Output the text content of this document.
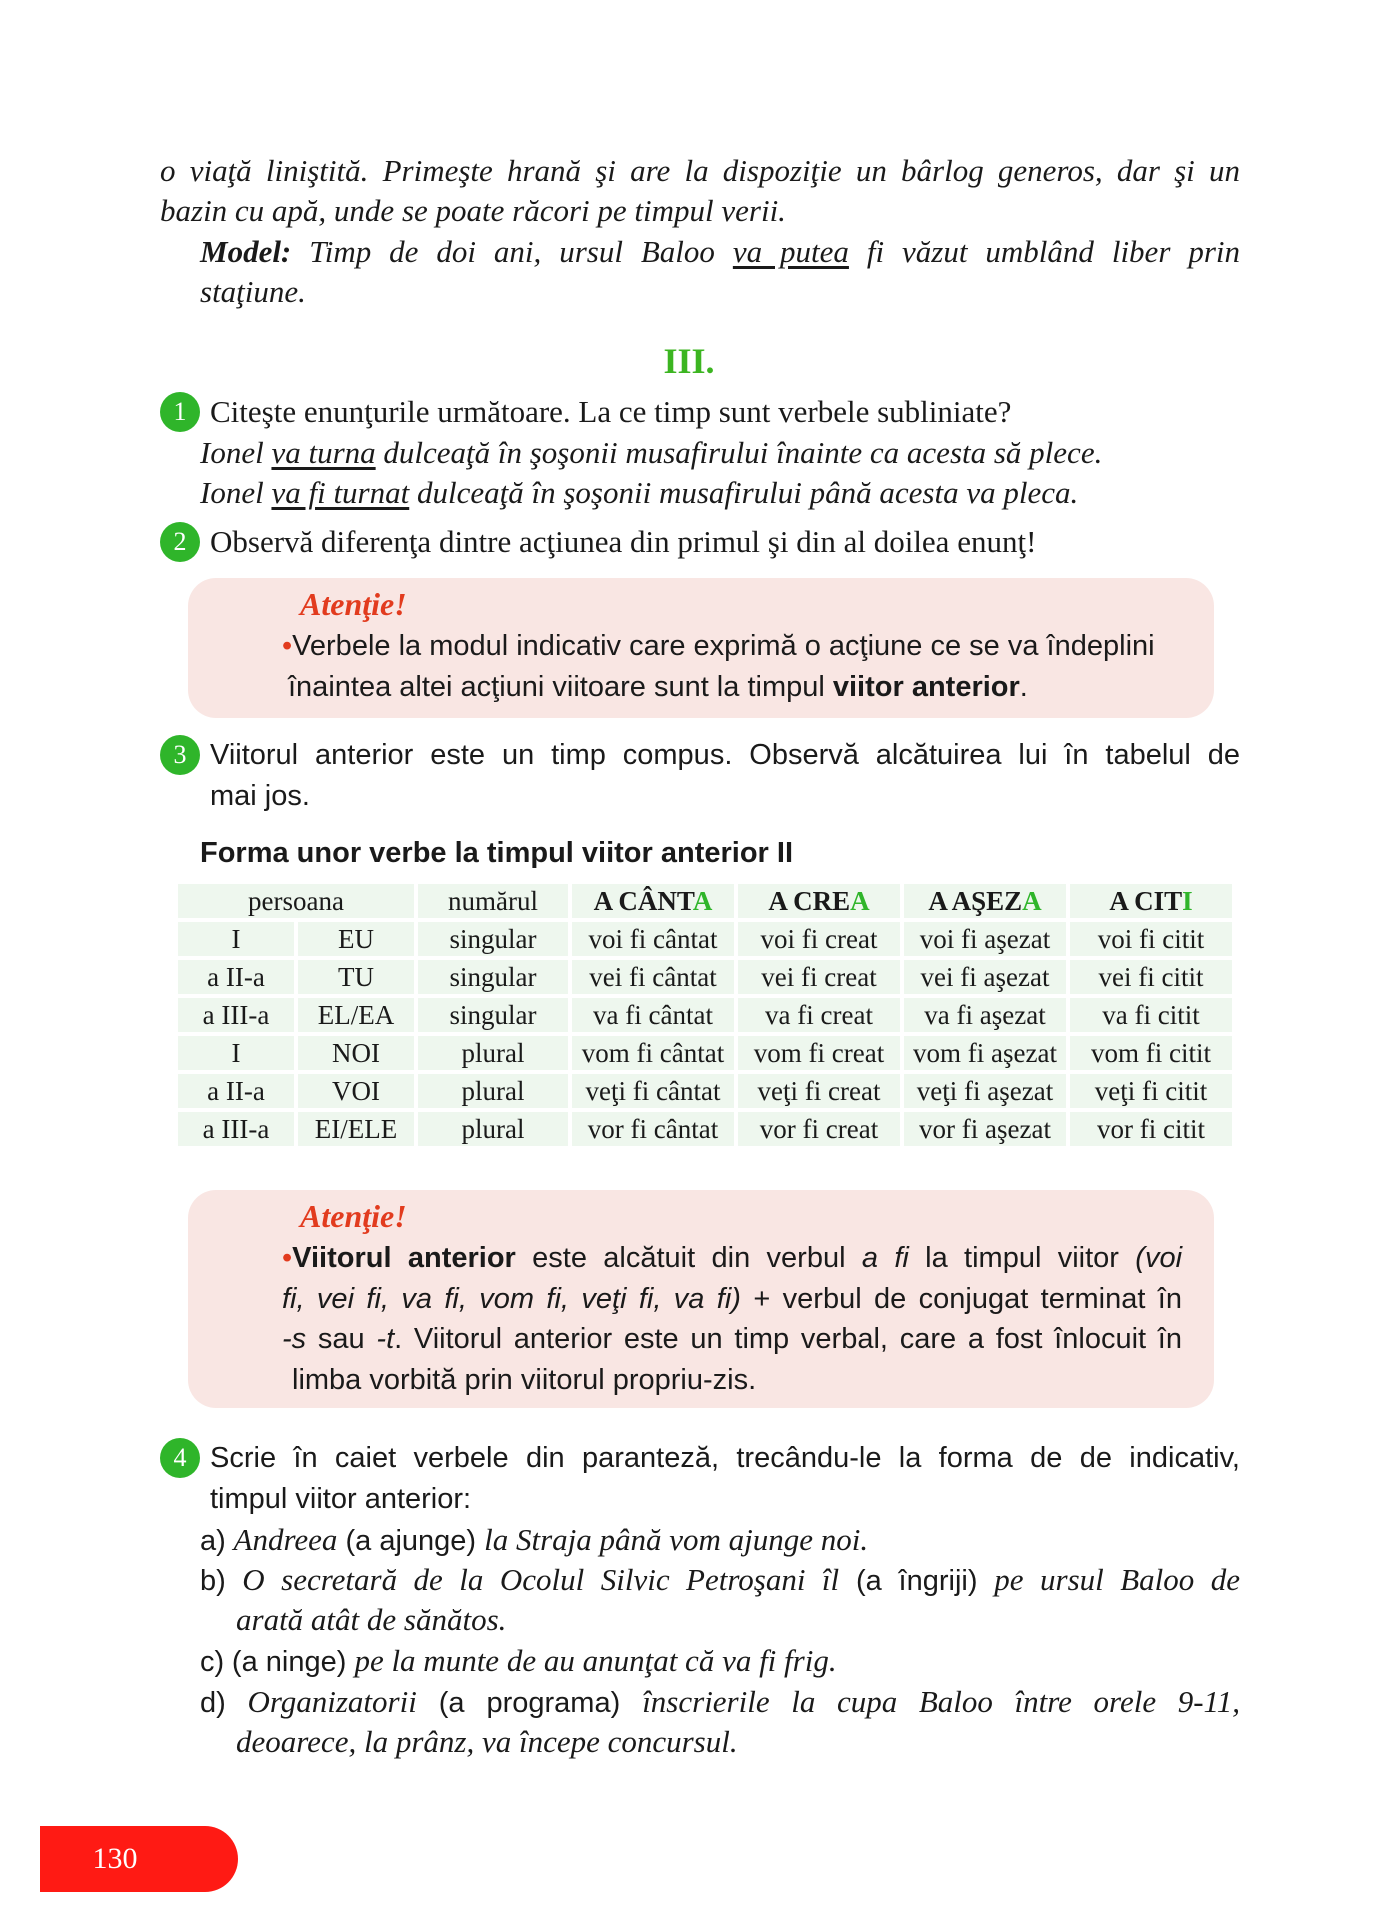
o viaţă liniştită. Primeşte hrană şi are la dispoziţie un bârlog generos, dar şi un
bazin cu apă, unde se poate răcori pe timpul verii.
Model: Timp de doi ani, ursul Baloo va putea fi văzut umblând liber prin
staţiune.
III.
1 Citeşte enunţurile următoare. La ce timp sunt verbele subliniate?
Ionel va turna dulceaţă în şoşonii musafirului înainte ca acesta să plece.
Ionel va fi turnat dulceaţă în şoşonii musafirului până acesta va pleca.
2 Observă diferenţa dintre acţiunea din primul şi din al doilea enunţ!
Atenţie!
•Verbele la modul indicativ care exprimă o acţiune ce se va îndeplini
înaintea altei acţiuni viitoare sunt la timpul viitor anterior.
3 Viitorul anterior este un timp compus. Observă alcătuirea lui în tabelul de
mai jos.
Forma unor verbe la timpul viitor anterior II
persoana		numărul	A CÂNTA	A CREA	A AŞEZA	A CITI
I	EU	singular	voi fi cântat	voi fi creat	voi fi aşezat	voi fi citit
a II-a	TU	singular	vei fi cântat	vei fi creat	vei fi aşezat	vei fi citit
a III-a	EL/EA	singular	va fi cântat	va fi creat	va fi aşezat	va fi citit
I	NOI	plural	vom fi cântat	vom fi creat	vom fi aşezat	vom fi citit
a II-a	VOI	plural	veţi fi cântat	veţi fi creat	veţi fi aşezat	veţi fi citit
a III-a	EI/ELE	plural	vor fi cântat	vor fi creat	vor fi aşezat	vor fi citit
Atenţie!
•Viitorul anterior este alcătuit din verbul a fi la timpul viitor (voi
fi, vei fi, va fi, vom fi, veţi fi, va fi) + verbul de conjugat terminat în
-s sau -t. Viitorul anterior este un timp verbal, care a fost înlocuit în
limba vorbită prin viitorul propriu-zis.
4 Scrie în caiet verbele din paranteză, trecându-le la forma de de indicativ,
timpul viitor anterior:
a) Andreea (a ajunge) la Straja până vom ajunge noi.
b) O secretară de la Ocolul Silvic Petroşani îl (a îngriji) pe ursul Baloo de
arată atât de sănătos.
c) (a ninge) pe la munte de au anunţat că va fi frig.
d) Organizatorii (a programa) înscrierile la cupa Baloo între orele 9-11,
deoarece, la prânz, va începe concursul.
130
